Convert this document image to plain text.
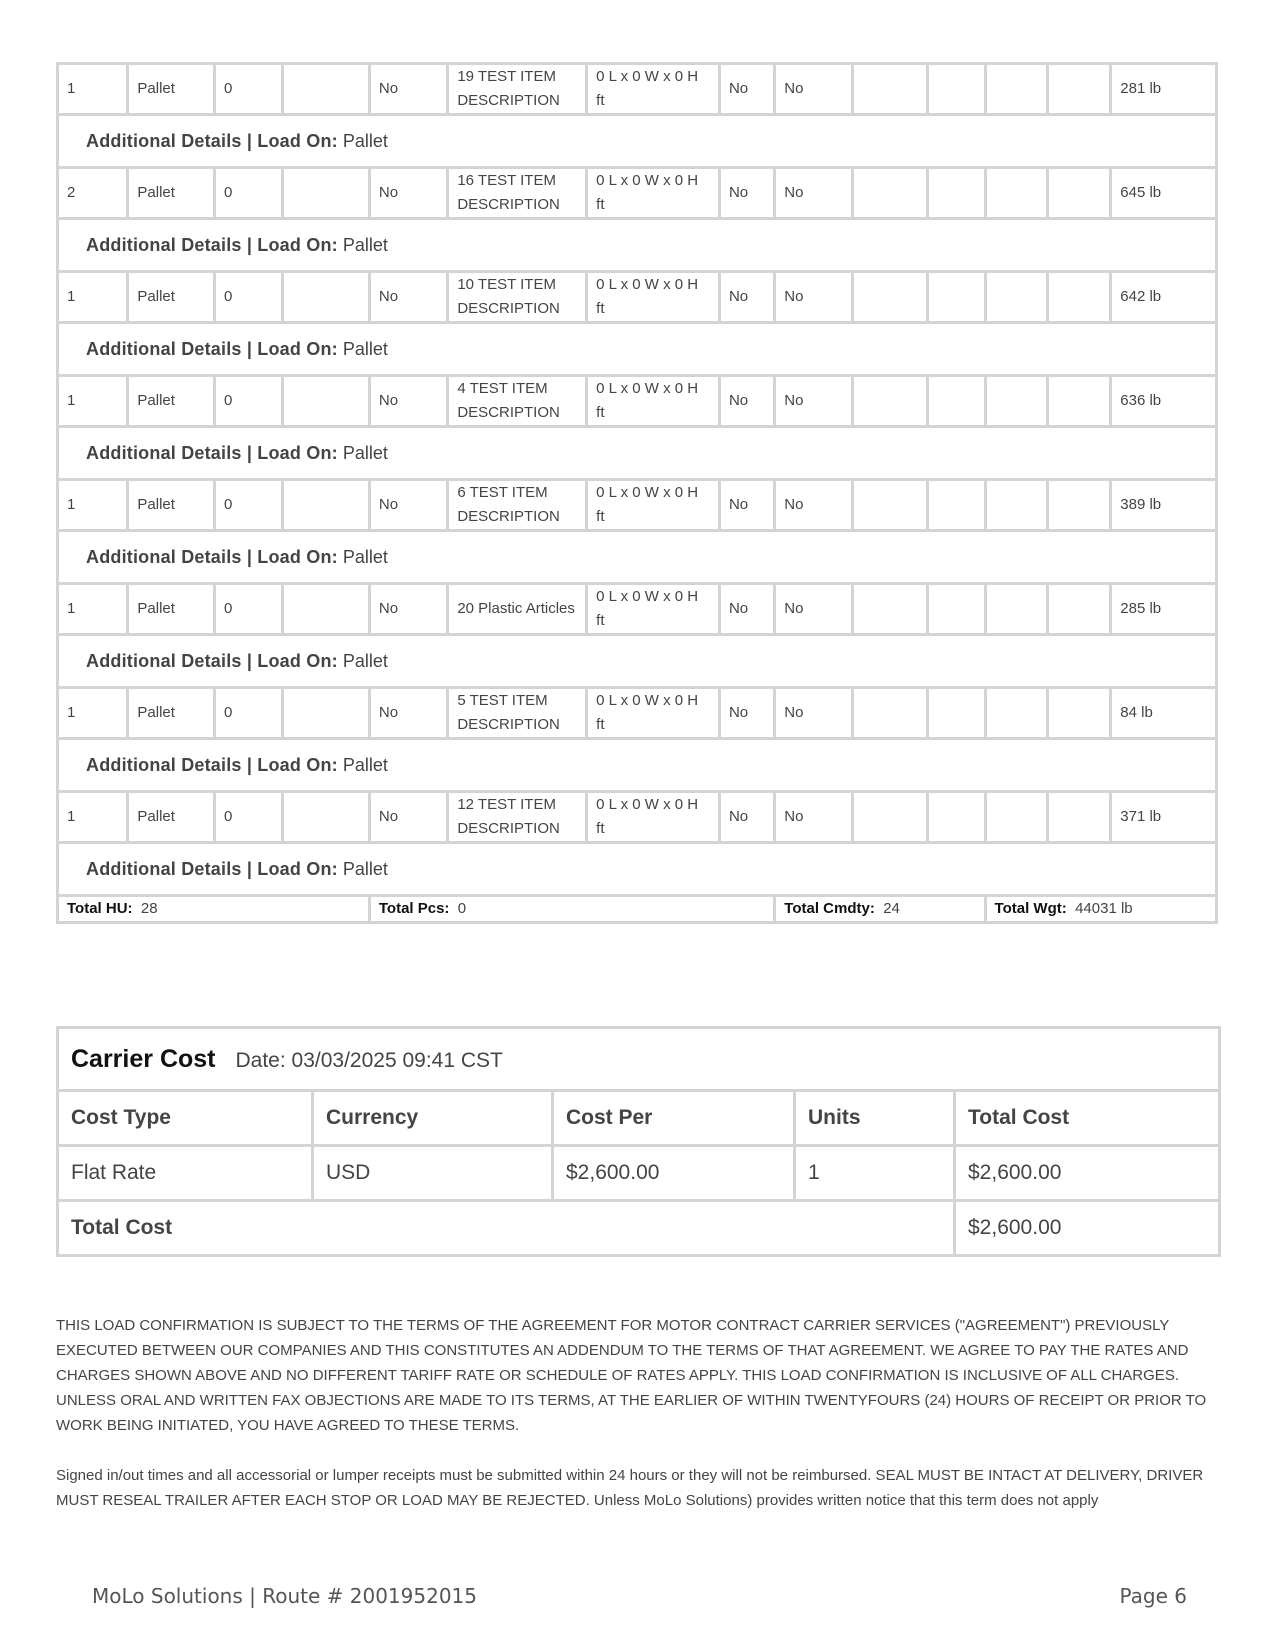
1	Pallet	0		No	19 TEST ITEM DESCRIPTION	0 L x 0 W x 0 H ft	No	No					281 lb
Additional Details | Load On: Pallet													
2	Pallet	0		No	16 TEST ITEM DESCRIPTION	0 L x 0 W x 0 H ft	No	No					645 lb
Additional Details | Load On: Pallet													
1	Pallet	0		No	10 TEST ITEM DESCRIPTION	0 L x 0 W x 0 H ft	No	No					642 lb
Additional Details | Load On: Pallet													
1	Pallet	0		No	4 TEST ITEM DESCRIPTION	0 L x 0 W x 0 H ft	No	No					636 lb
Additional Details | Load On: Pallet													
1	Pallet	0		No	6 TEST ITEM DESCRIPTION	0 L x 0 W x 0 H ft	No	No					389 lb
Additional Details | Load On: Pallet													
1	Pallet	0		No	20 Plastic Articles	0 L x 0 W x 0 H ft	No	No					285 lb
Additional Details | Load On: Pallet													
1	Pallet	0		No	5 TEST ITEM DESCRIPTION	0 L x 0 W x 0 H ft	No	No					84 lb
Additional Details | Load On: Pallet													
1	Pallet	0		No	12 TEST ITEM DESCRIPTION	0 L x 0 W x 0 H ft	No	No					371 lb
Additional Details | Load On: Pallet													
Total HU: 28				Total Pcs: 0				Total Cmdty: 24			Total Wgt: 44031 lb		
Carrier Cost Date: 03/03/2025 09:41 CST				
Cost Type	Currency	Cost Per	Units	Total Cost
Flat Rate	USD	$2,600.00	1	$2,600.00
Total Cost				$2,600.00

THIS LOAD CONFIRMATION IS SUBJECT TO THE TERMS OF THE AGREEMENT FOR MOTOR CONTRACT CARRIER SERVICES ("AGREEMENT") PREVIOUSLY EXECUTED BETWEEN OUR COMPANIES AND THIS CONSTITUTES AN ADDENDUM TO THE TERMS OF THAT AGREEMENT. WE AGREE TO PAY THE RATES AND CHARGES SHOWN ABOVE AND NO DIFFERENT TARIFF RATE OR SCHEDULE OF RATES APPLY. THIS LOAD CONFIRMATION IS INCLUSIVE OF ALL CHARGES. UNLESS ORAL AND WRITTEN FAX OBJECTIONS ARE MADE TO ITS TERMS, AT THE EARLIER OF WITHIN TWENTYFOURS (24) HOURS OF RECEIPT OR PRIOR TO WORK BEING INITIATED, YOU HAVE AGREED TO THESE TERMS.

Signed in/out times and all accessorial or lumper receipts must be submitted within 24 hours or they will not be reimbursed. SEAL MUST BE INTACT AT DELIVERY, DRIVER MUST RESEAL TRAILER AFTER EACH STOP OR LOAD MAY BE REJECTED. Unless MoLo Solutions) provides written notice that this term does not apply

MoLo Solutions | Route # 2001952015	Page 6
